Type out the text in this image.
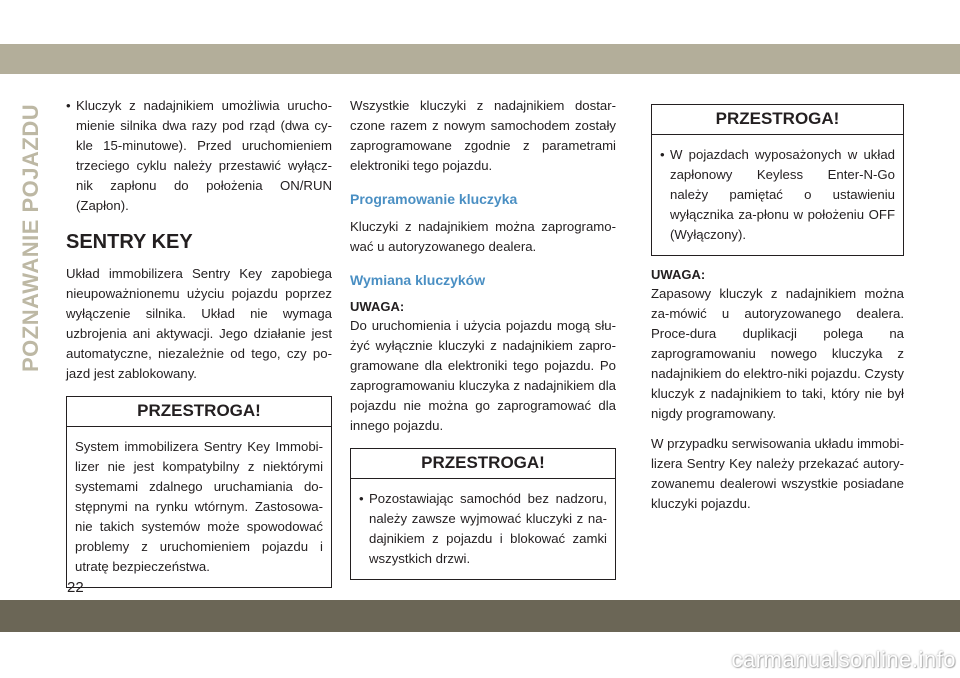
POZNAWANIE POJAZDU • Kluczyk z nadajnikiem umożliwia urucho-mienie silnika dwa razy pod rząd (dwa cy-kle 15-minutowe). Przed uruchomieniem trzeciego cyklu należy przestawić wyłącz-nik zapłonu do położenia ON/RUN (Zapłon).
SENTRY KEY

Układ immobilizera Sentry Key zapobiega nieupoważnionemu użyciu pojazdu poprzez wyłączenie silnika. Układ nie wymaga uzbrojenia ani aktywacji. Jego działanie jest automatyczne, niezależnie od tego, czy po-jazd jest zablokowany.

PRZESTROGA!

System immobilizera Sentry Key Immobi-lizer nie jest kompatybilny z niektórymi systemami zdalnego uruchamiania do-stępnymi na rynku wtórnym. Zastosowa-nie takich systemów może spowodować problemy z uruchomieniem pojazdu i utratę bezpieczeństwa.

Wszystkie kluczyki z nadajnikiem dostar-czone razem z nowym samochodem zostały zaprogramowane zgodnie z parametrami elektroniki tego pojazdu.

Programowanie kluczyka

Kluczyki z nadajnikiem można zaprogramo-wać u autoryzowanego dealera.

Wymiana kluczyków
UWAGA:

Do uruchomienia i użycia pojazdu mogą słu-żyć wyłącznie kluczyki z nadajnikiem zapro-gramowane dla elektroniki tego pojazdu. Po zaprogramowaniu kluczyka z nadajnikiem dla pojazdu nie można go zaprogramować dla innego pojazdu.

PRZESTROGA!
• Pozostawiając samochód bez nadzoru, należy zawsze wyjmować kluczyki z na-dajnikiem z pojazdu i blokować zamki wszystkich drzwi.
PRZESTROGA!
• W pojazdach wyposażonych w układ zapłonowy Keyless Enter-N-Go należy pamiętać o ustawieniu wyłącznika za-płonu w położeniu OFF (Wyłączony).
UWAGA:

Zapasowy kluczyk z nadajnikiem można za-mówić u autoryzowanego dealera. Proce-dura duplikacji polega na zaprogramowaniu nowego kluczyka z nadajnikiem do elektro-niki pojazdu. Czysty kluczyk z nadajnikiem to taki, który nie był nigdy programowany.

W przypadku serwisowania układu immobi-lizera Sentry Key należy przekazać autory-zowanemu dealerowi wszystkie posiadane kluczyki pojazdu.

22
carmanualsonline.info
